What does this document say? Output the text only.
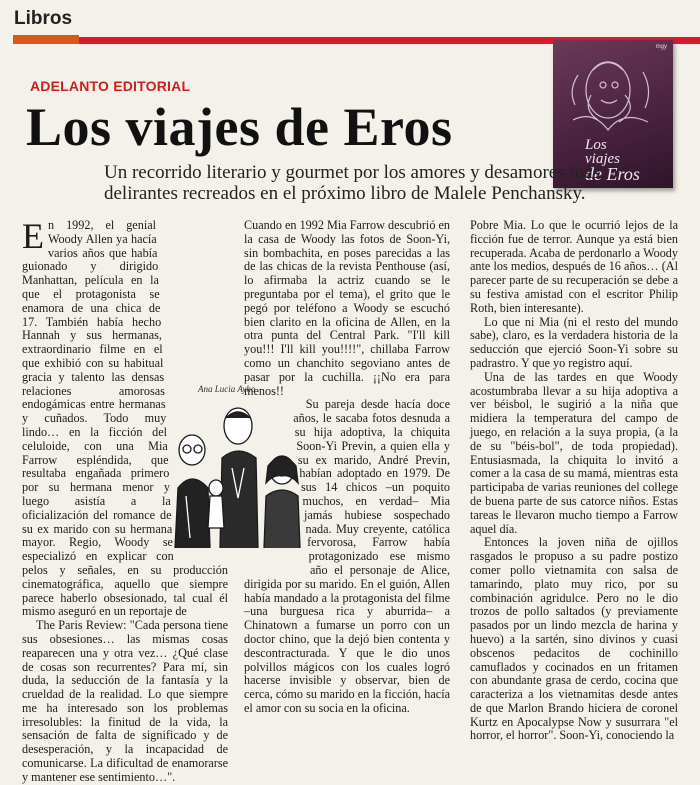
Libros
ADELANTO EDITORIAL
Los viajes de Eros
mgy
Los
viajes
de Eros
Un recorrido literario y gourmet por los amores y desamores más delirantes recreados en el próximo libro de Malele Penchansky.

En 1992, el genial Woody Allen ya hacía varios años que había guionado y dirigido Manhattan, película en la que el protagonista se enamora de una chica de 17. También había hecho Hannah y sus hermanas, extraordinario filme en el que exhibió con su habitual gracia y talento las densas relaciones amorosas endogámicas entre hermanas y cuñados. Todo muy lindo… en la ficción del celuloide, con una Mia Farrow espléndida, que resultaba engañada primero por su hermana menor y luego asistía a la oficialización del romance de su ex marido con su hermana mayor. Regio, Woody se especializó en explicar con pelos y señales, en su producción cinematográfica, aquello que siempre parece haberlo obsesionado, tal cual él mismo aseguró en un reportaje de

The Paris Review: "Cada persona tiene sus obsesiones… las mismas cosas reaparecen una y otra vez… ¿Qué clase de cosas son recurrentes? Para mí, sin duda, la seducción de la fantasía y la crueldad de la realidad. Lo que siempre me ha interesado son los problemas irresolubles: la finitud de la vida, la sensación de falta de significado y de desesperación, y la incapacidad de comunicarse. La dificultad de enamorarse y mantener ese sentimiento…".

Cuando en 1992 Mia Farrow descubrió en la casa de Woody las fotos de Soon-Yi, sin bombachita, en poses parecidas a las de las chicas de la revista Penthouse (así, lo afirmaba la actriz cuando se le preguntaba por el tema), el grito que le pegó por teléfono a Woody se escuchó bien clarito en la oficina de Allen, en la otra punta del Central Park. "I'll kill you!!! I'll kill you!!!!", chillaba Farrow como un chanchito segoviano antes de pasar por la cuchilla. ¡¡No era para menos!!

Su pareja desde hacía doce años, le sacaba fotos desnuda a su hija adoptiva, la chiquita Soon-Yi Previn, a quien ella y su ex marido, André Previn, habían adoptado en 1979. De sus 14 chicos –un poquito muchos, en verdad– Mia jamás hubiese sospechado nada. Muy creyente, católica fervorosa, Farrow había protagonizado ese mismo año el personaje de Alice, dirigida por su marido. En el guión, Allen había mandado a la protagonista del filme –una burguesa rica y aburrida– a Chinatown a fumarse un porro con un doctor chino, que la dejó bien contenta y descontracturada. Y que le dio unos polvillos mágicos con los cuales logró hacerse invisible y observar, bien de cerca, cómo su marido en la ficción, hacía el amor con su socia en la oficina.

Pobre Mia. Lo que le ocurrió lejos de la ficción fue de terror. Aunque ya está bien recuperada. Acaba de perdonarlo a Woody ante los medios, después de 16 años… (Al parecer parte de su recuperación se debe a su festiva amistad con el escritor Philip Roth, bien interesante).

Lo que ni Mia (ni el resto del mundo sabe), claro, es la verdadera historia de la seducción que ejerció Soon-Yi sobre su padrastro. Y que yo registro aquí.

Una de las tardes en que Woody acostumbraba llevar a su hija adoptiva a ver béisbol, le sugirió a la niña que midiera la temperatura del campo de juego, en relación a la suya propia, (a la de su "béis-bol", de toda propiedad). Entusiasmada, la chiquita lo invitó a comer a la casa de su mamá, mientras esta participaba de varias reuniones del college de buena parte de sus catorce niños. Estas tareas le llevaron mucho tiempo a Farrow aquel día.

Entonces la joven niña de ojillos rasgados le propuso a su padre postizo comer pollo vietnamita con salsa de tamarindo, plato muy rico, por su combinación agridulce. Pero no le dio trozos de pollo saltados (y previamente pasados por un lindo mezcla de harina y huevo) a la sartén, sino divinos y cuasi obscenos pedacitos de cochinillo camuflados y cocinados en un fritamen con abundante grasa de cerdo, cocina que caracteriza a los vietnamitas desde antes de que Marlon Brando hiciera de coronel Kurtz en Apocalypse Now y susurrara "el horror, el horror". Soon-Yi, conociendo la

Ana Lucia Ayho
